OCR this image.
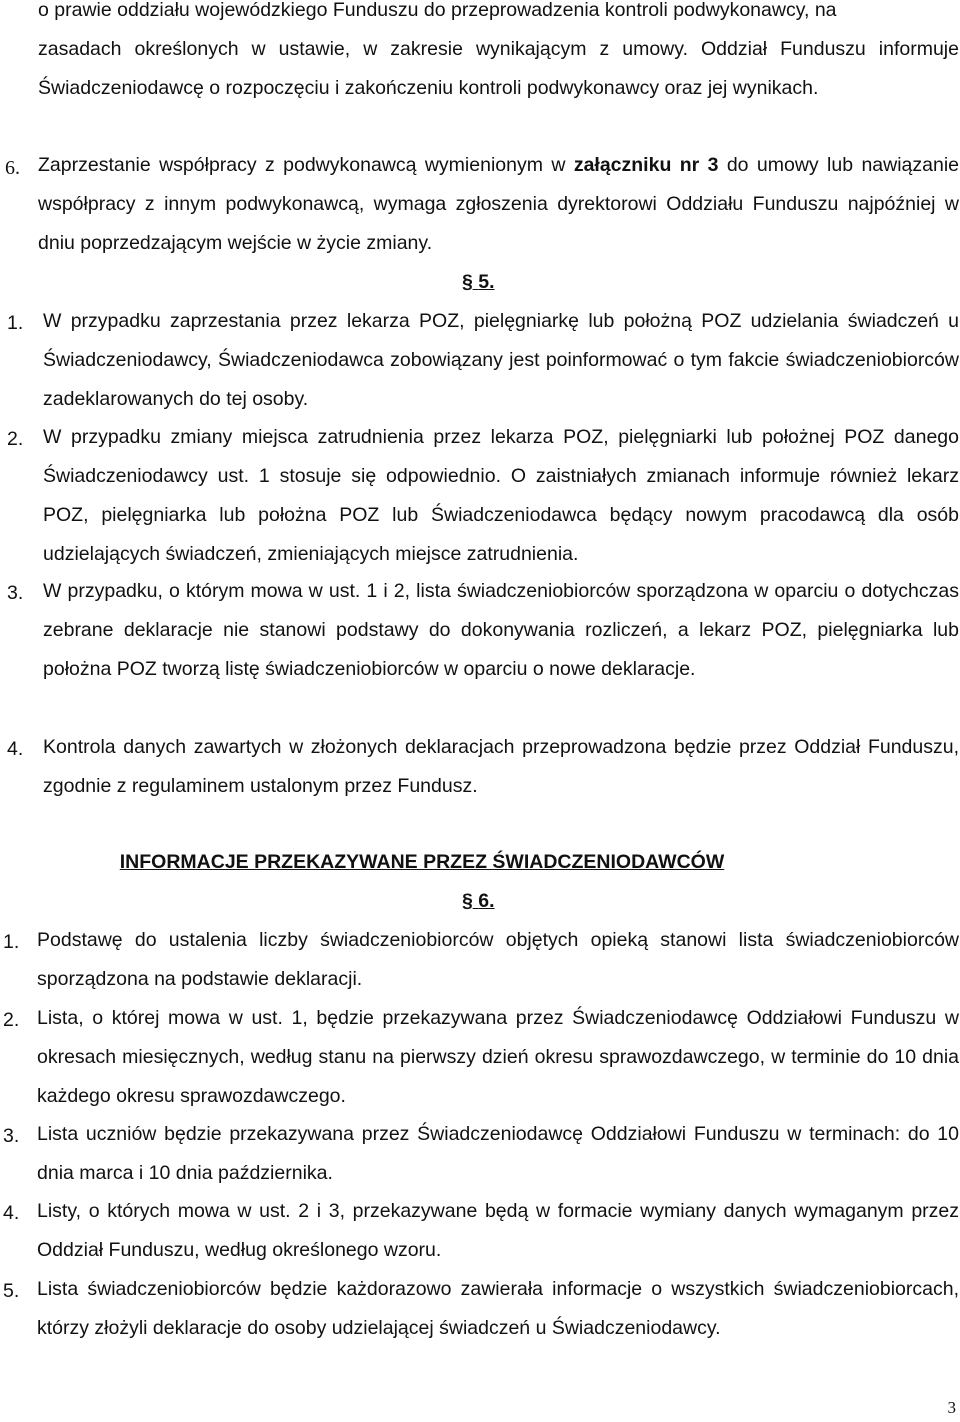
o prawie oddziału wojewódzkiego Funduszu do przeprowadzenia kontroli podwykonawcy, na

zasadach określonych w ustawie, w zakresie wynikającym z umowy. Oddział Funduszu informuje Świadczeniodawcę o rozpoczęciu i zakończeniu kontroli podwykonawcy oraz jej wynikach.

6. Zaprzestanie współpracy z podwykonawcą wymienionym w załączniku nr 3 do umowy lub nawiązanie współpracy z innym podwykonawcą, wymaga zgłoszenia dyrektorowi Oddziału Funduszu najpóźniej w dniu poprzedzającym wejście w życie zmiany.

§ 5.
1. W przypadku zaprzestania przez lekarza POZ, pielęgniarkę lub położną POZ udzielania świadczeń u Świadczeniodawcy, Świadczeniodawca zobowiązany jest poinformować o tym fakcie świadczeniobiorców zadeklarowanych do tej osoby.

2. W przypadku zmiany miejsca zatrudnienia przez lekarza POZ, pielęgniarki lub położnej POZ danego Świadczeniodawcy ust. 1 stosuje się odpowiednio. O zaistniałych zmianach informuje również lekarz POZ, pielęgniarka lub położna POZ lub Świadczeniodawca będący nowym pracodawcą dla osób udzielających świadczeń, zmieniających miejsce zatrudnienia.

3. W przypadku, o którym mowa w ust. 1 i 2, lista świadczeniobiorców sporządzona w oparciu o dotychczas zebrane deklaracje nie stanowi podstawy do dokonywania rozliczeń, a lekarz POZ, pielęgniarka lub położna POZ tworzą listę świadczeniobiorców w oparciu o nowe deklaracje.

4. Kontrola danych zawartych w złożonych deklaracjach przeprowadzona będzie przez Oddział Funduszu, zgodnie z regulaminem ustalonym przez Fundusz.

INFORMACJE PRZEKAZYWANE PRZEZ ŚWIADCZENIODAWCÓW
§ 6.
1. Podstawę do ustalenia liczby świadczeniobiorców objętych opieką stanowi lista świadczeniobiorców sporządzona na podstawie deklaracji.

2. Lista, o której mowa w ust. 1, będzie przekazywana przez Świadczeniodawcę Oddziałowi Funduszu w okresach miesięcznych, według stanu na pierwszy dzień okresu sprawozdawczego, w terminie do 10 dnia każdego okresu sprawozdawczego.

3. Lista uczniów będzie przekazywana przez Świadczeniodawcę Oddziałowi Funduszu w terminach: do 10 dnia marca i 10 dnia października.

4. Listy, o których mowa w ust. 2 i 3, przekazywane będą w formacie wymiany danych wymaganym przez Oddział Funduszu, według określonego wzoru.

5. Lista świadczeniobiorców będzie każdorazowo zawierała informacje o wszystkich świadczeniobiorcach, którzy złożyli deklaracje do osoby udzielającej świadczeń u Świadczeniodawcy.

3
